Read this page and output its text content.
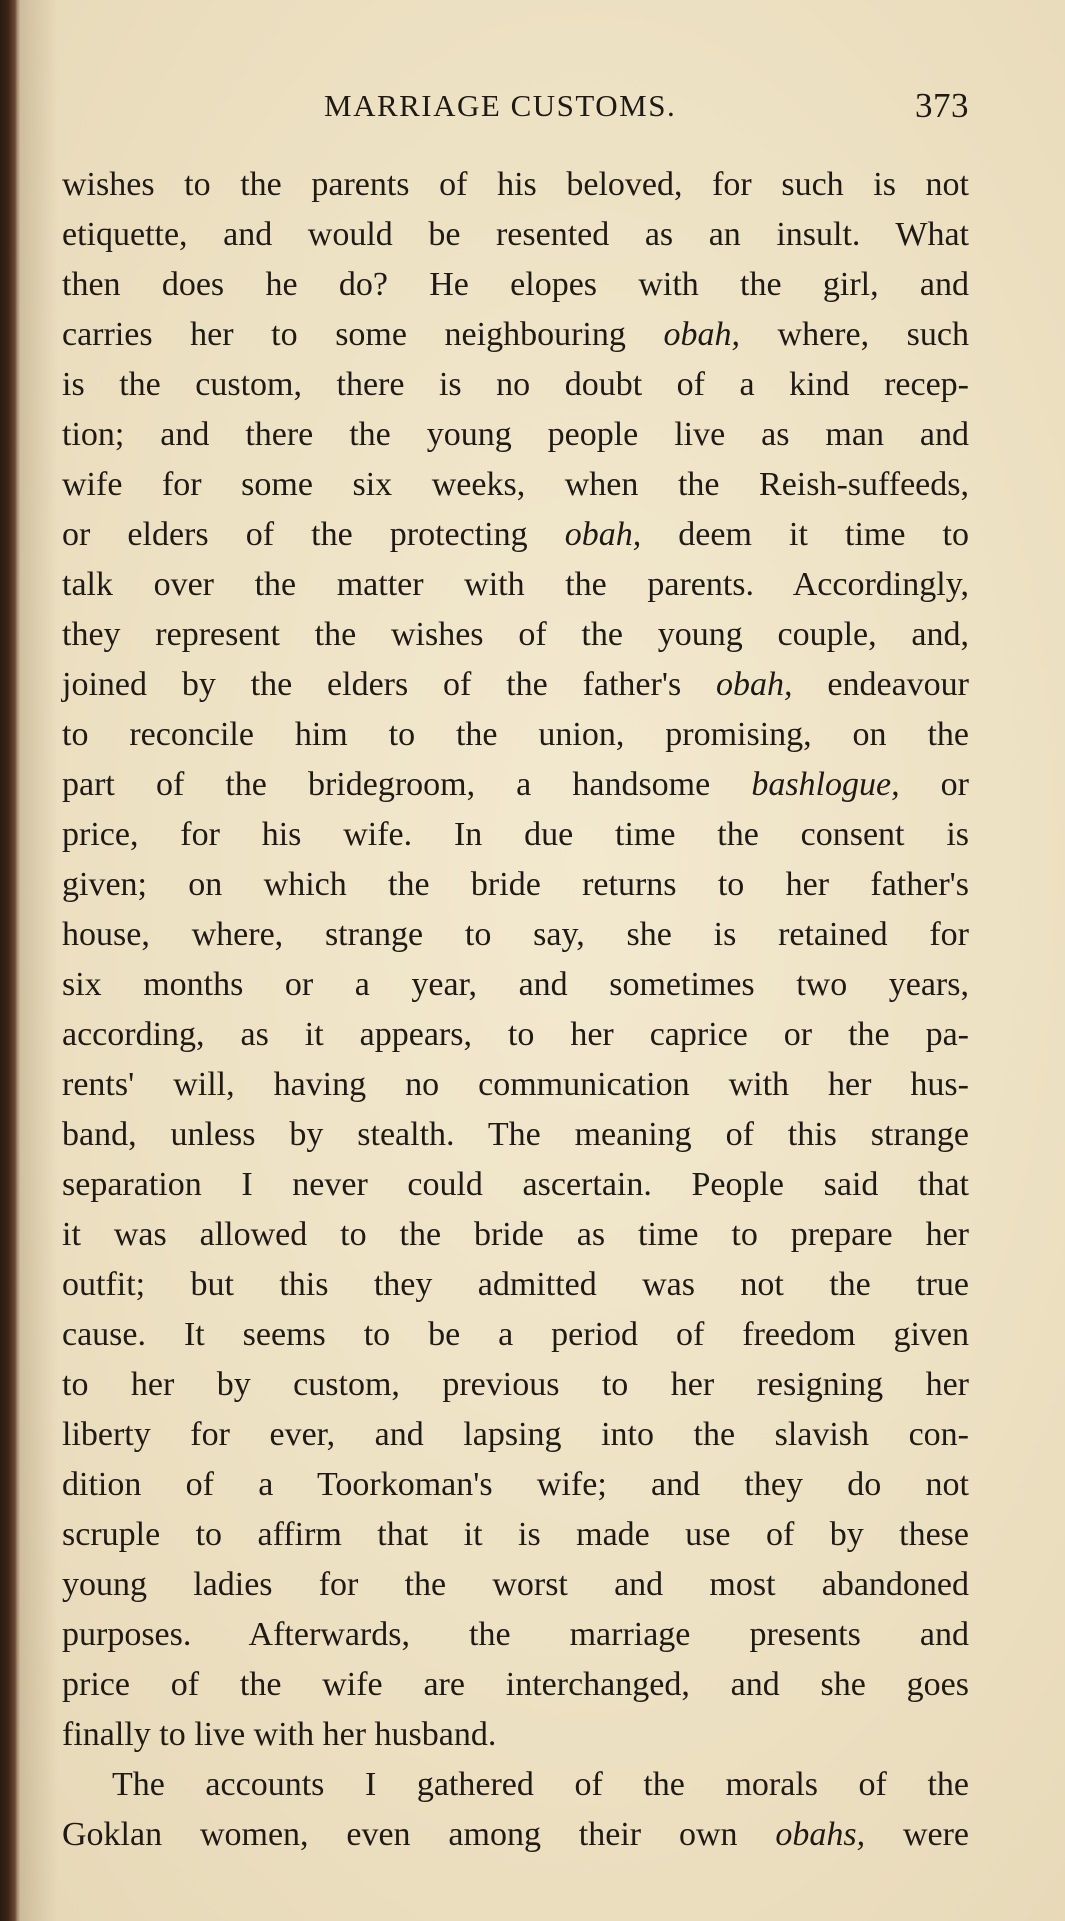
MARRIAGE CUSTOMS.	373
wishes to the parents of his beloved, for such is not
etiquette, and would be resented as an insult. What
then does he do? He elopes with the girl, and
carries her to some neighbouring obah, where, such
is the custom, there is no doubt of a kind recep-
tion; and there the young people live as man and
wife for some six weeks, when the Reish-suffeeds,
or elders of the protecting obah, deem it time to
talk over the matter with the parents. Accordingly,
they represent the wishes of the young couple, and,
joined by the elders of the father's obah, endeavour
to reconcile him to the union, promising, on the
part of the bridegroom, a handsome bashlogue, or
price, for his wife. In due time the consent is
given; on which the bride returns to her father's
house, where, strange to say, she is retained for
six months or a year, and sometimes two years,
according, as it appears, to her caprice or the pa-
rents' will, having no communication with her hus-
band, unless by stealth. The meaning of this strange
separation I never could ascertain. People said that
it was allowed to the bride as time to prepare her
outfit; but this they admitted was not the true
cause. It seems to be a period of freedom given
to her by custom, previous to her resigning her
liberty for ever, and lapsing into the slavish con-
dition of a Toorkoman's wife; and they do not
scruple to affirm that it is made use of by these
young ladies for the worst and most abandoned
purposes. Afterwards, the marriage presents and
price of the wife are interchanged, and she goes
finally to live with her husband.
The accounts I gathered of the morals of the
Goklan women, even among their own obahs, were
